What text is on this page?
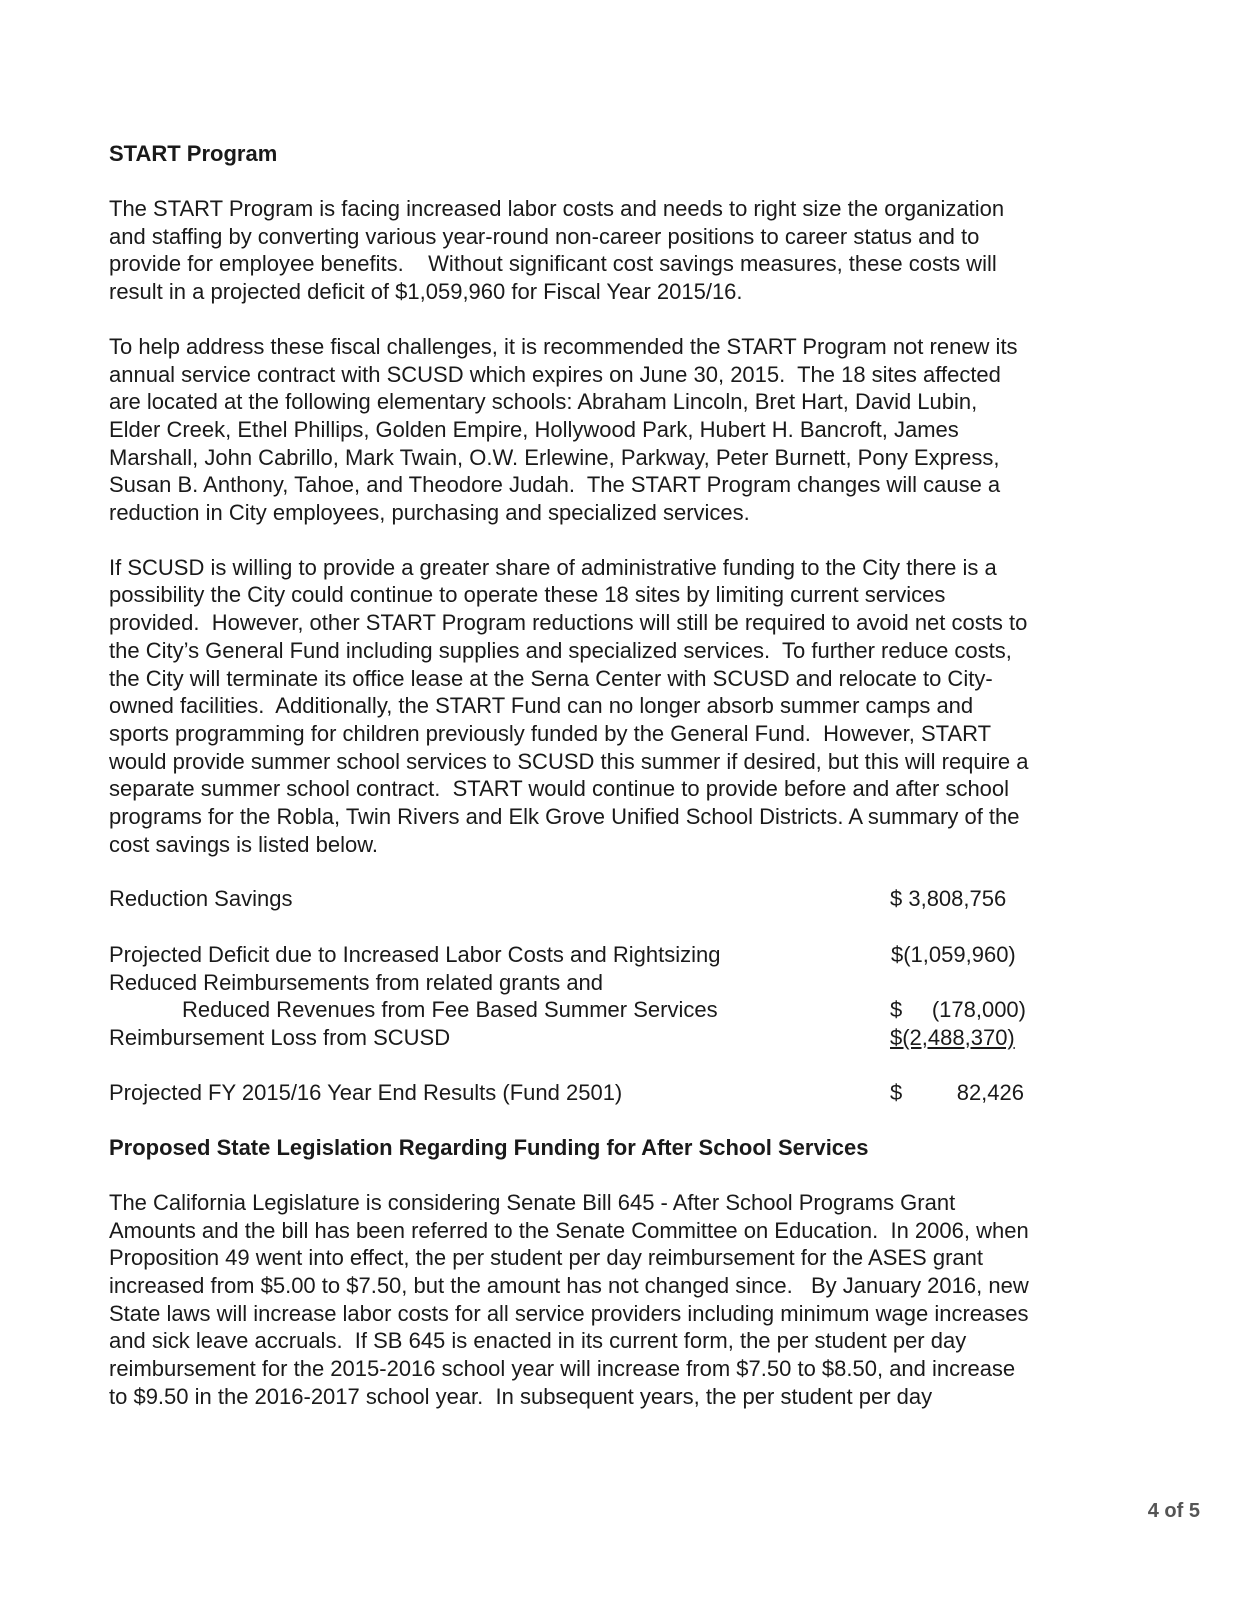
START Program

The START Program is facing increased labor costs and needs to right size the organization
and staffing by converting various year-round non-career positions to career status and to
provide for employee benefits.    Without significant cost savings measures, these costs will
result in a projected deficit of $1,059,960 for Fiscal Year 2015/16.

To help address these fiscal challenges, it is recommended the START Program not renew its
annual service contract with SCUSD which expires on June 30, 2015.  The 18 sites affected
are located at the following elementary schools: Abraham Lincoln, Bret Hart, David Lubin,
Elder Creek, Ethel Phillips, Golden Empire, Hollywood Park, Hubert H. Bancroft, James
Marshall, John Cabrillo, Mark Twain, O.W. Erlewine, Parkway, Peter Burnett, Pony Express,
Susan B. Anthony, Tahoe, and Theodore Judah.  The START Program changes will cause a
reduction in City employees, purchasing and specialized services.

If SCUSD is willing to provide a greater share of administrative funding to the City there is a
possibility the City could continue to operate these 18 sites by limiting current services
provided.  However, other START Program reductions will still be required to avoid net costs to
the City’s General Fund including supplies and specialized services.  To further reduce costs,
the City will terminate its office lease at the Serna Center with SCUSD and relocate to City-
owned facilities.  Additionally, the START Fund can no longer absorb summer camps and
sports programming for children previously funded by the General Fund.  However, START
would provide summer school services to SCUSD this summer if desired, but this will require a
separate summer school contract.  START would continue to provide before and after school
programs for the Robla, Twin Rivers and Elk Grove Unified School Districts. A summary of the
cost savings is listed below.

Reduction Savings	$ 3,808,756
Projected Deficit due to Increased Labor Costs and Rightsizing	$(1,059,960)
Reduced Reimbursements from related grants and
Reduced Revenues from Fee Based Summer Services	$ (178,000)
Reimbursement Loss from SCUSD	$(2,488,370)
Projected FY 2015/16 Year End Results (Fund 2501)	$ 82,426
Proposed State Legislation Regarding Funding for After School Services

The California Legislature is considering Senate Bill 645 - After School Programs Grant
Amounts and the bill has been referred to the Senate Committee on Education.  In 2006, when
Proposition 49 went into effect, the per student per day reimbursement for the ASES grant
increased from $5.00 to $7.50, but the amount has not changed since.   By January 2016, new
State laws will increase labor costs for all service providers including minimum wage increases
and sick leave accruals.  If SB 645 is enacted in its current form, the per student per day
reimbursement for the 2015-2016 school year will increase from $7.50 to $8.50, and increase
to $9.50 in the 2016-2017 school year.  In subsequent years, the per student per day

4 of 5
